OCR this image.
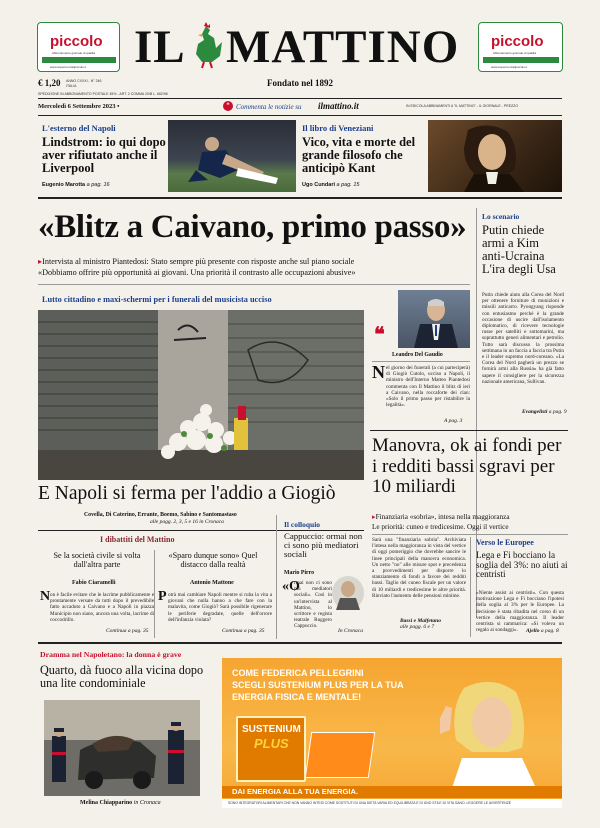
piccolo
Abbonamento giornale di qualità
www.supermercatipiccolo.it IL MATTINO piccolo
Abbonamento giornale di qualità
www.supermercatipiccolo.it
€ 1,20 ANNO CXXXI - N° 246
ITALIA	Fondato nel 1892
SPEDIZIONE IN ABBONAMENTO POSTALE 45% - ART. 2 COMMA 20/B L. 662/96
IN EDICOLA ABBINAMENTI A "IL MATTINO" - IL GIORNALE - PREZZO
Mercoledì 6 Settembre 2023 •	❝ Commenta le notizie su ilmattino.it
L'esterno del Napoli
Lindstrom: io qui dopo aver rifiutato anche il Liverpool
Eugenio Marotta a pag. 16
Il libro di Veneziani
Vico, vita e morte del grande filosofo che anticipò Kant
Ugo Cundari a pag. 15
«Blitz a Caivano, primo passo»
▸Intervista al ministro Piantedosi: Stato sempre più presente con risposte anche sul piano sociale
«Dobbiamo offrire più opportunità ai giovani. Una priorità il contrasto alle occupazioni abusive»
Lo scenario
Putin chiede armi a Kim anti-Ucraina L'ira degli Usa
Putin chiede aiuto alla Corea del Nord per ottenere forniture di munizioni e missili anticarro. Pyongyang risponde con entusiasmo perché è la grande occasione di uscire dall'isolamento diplomatico, di ricevere tecnologie russe per satelliti e sottomarini, ma soprattutto generi alimentari e petrolio. Tutto sarà discusso la prossima settimana in un faccia a faccia tra Putin e il leader supremo nord-coreano. «La Corea del Nord pagherà un prezzo se fornirà armi alla Russia» ha già fatto sapere il consigliere per la sicurezza nazionale americana, Sullivan.
Evangelisti a pag. 9
Lutto cittadino e maxi-schermi per i funerali del musicista ucciso
E Napoli si ferma per l'addio a Giogiò
Covella, Di Caterino, Errante, Boemo, Sabino e Santomastaso
alle pagg. 2, 3, 5 e 16 in Cronaca
❝
Leandro Del Gaudio
N el giorno dei funerali (a cui parteciperà) di Giogiò Cutolo, ucciso a Napoli, il ministro dell'Interno Matteo Piantedosi commenta con Il Mattino il blitz di ieri a Caivano, nella roccaforte dei clan: «Solo il primo passo per ristabilire la legalità».
A pag. 3
Manovra, ok ai fondi per i redditi bassi sgravi per 10 miliardi
▸Finanziaria «sobria», intesa nella maggioranza
Le priorità: cuneo e tredicesime. Oggi il vertice
Sarà una "finanziaria sobria". Archiviata l'intesa nella maggioranza in vista del vertice di oggi pomeriggio che dovrebbe sancire le linee principali della manovra economica. Un netto "no" alle misure spot e precedenza a provvedimenti per disporre lo stanziamento di fondi a favore dei redditi bassi. Taglio del cuneo fiscale per un valore di 10 miliardi e tredicesime le altre priorità. Rinviato l'aumento delle pensioni minime.
Bassi e Malfetano
alle pagg. 6 e 7
Verso le Europee
Lega e Fi bocciano la soglia del 3%: no aiuti ai centristi
«Niente assist ai centristi». Con questa motivazione Lega e Fi bocciano l'ipotesi della soglia al 3% per le Europee. La decisione è stata ribadita nel corso di un vertice della maggioranza. Il leader centrista si rammarica: «Si voleva un regalo ai sondaggi».	Ajello a pag. 8
I dibattiti del Mattino
Se la società civile si volta dall'altra parte
Fabio Ciaramelli
N on è facile evitare che le lacrime pubblicamente e prontamente versate da tutti dopo il prevedibile fatto accaduto a Caivano e a Napoli in piazza Municipio non siano, ancora una volta, lacrime di coccodrillo.
Continua a pag. 35
«Sparo dunque sono» Quel distacco dalla realtà
Antonio Mattone
P otrà mai cambiare Napoli mentre si ruba la vita a giovani che nulla hanno a che fare con la malavita, come Giogiò? Sarà possibile rigenerare le periferie degradate, quelle dell'orrore dell'infanzia violata?
Continua a pag. 35
Il colloquio
Cappuccio: ormai non ci sono più mediatori sociali
Mario Pirro
«O
rmai non ci sono più mediatori sociali». Così in un'intervista al Mattino, lo scrittore e regista teatrale Ruggero Cappuccio.
In Cronaca
Dramma nel Napoletano: la donna è grave
Quarto, dà fuoco alla vicina dopo una lite condominiale
Melina Chiapparino in Cronaca
COME FEDERICA PELLEGRINI
SCEGLI SUSTENIUM PLUS PER LA TUA
ENERGIA FISICA E MENTALE!
SUSTENIUM
PLUS
DAI ENERGIA ALLA TUA ENERGIA.
SONO INTEGRATORI ALIMENTARI CHE NON VANNO INTESI COME SOSTITUTI DI UNA DIETA VARIA ED EQUILIBRATA E DI UNO STILE DI VITA SANO. LEGGERE LE AVVERTENZE
